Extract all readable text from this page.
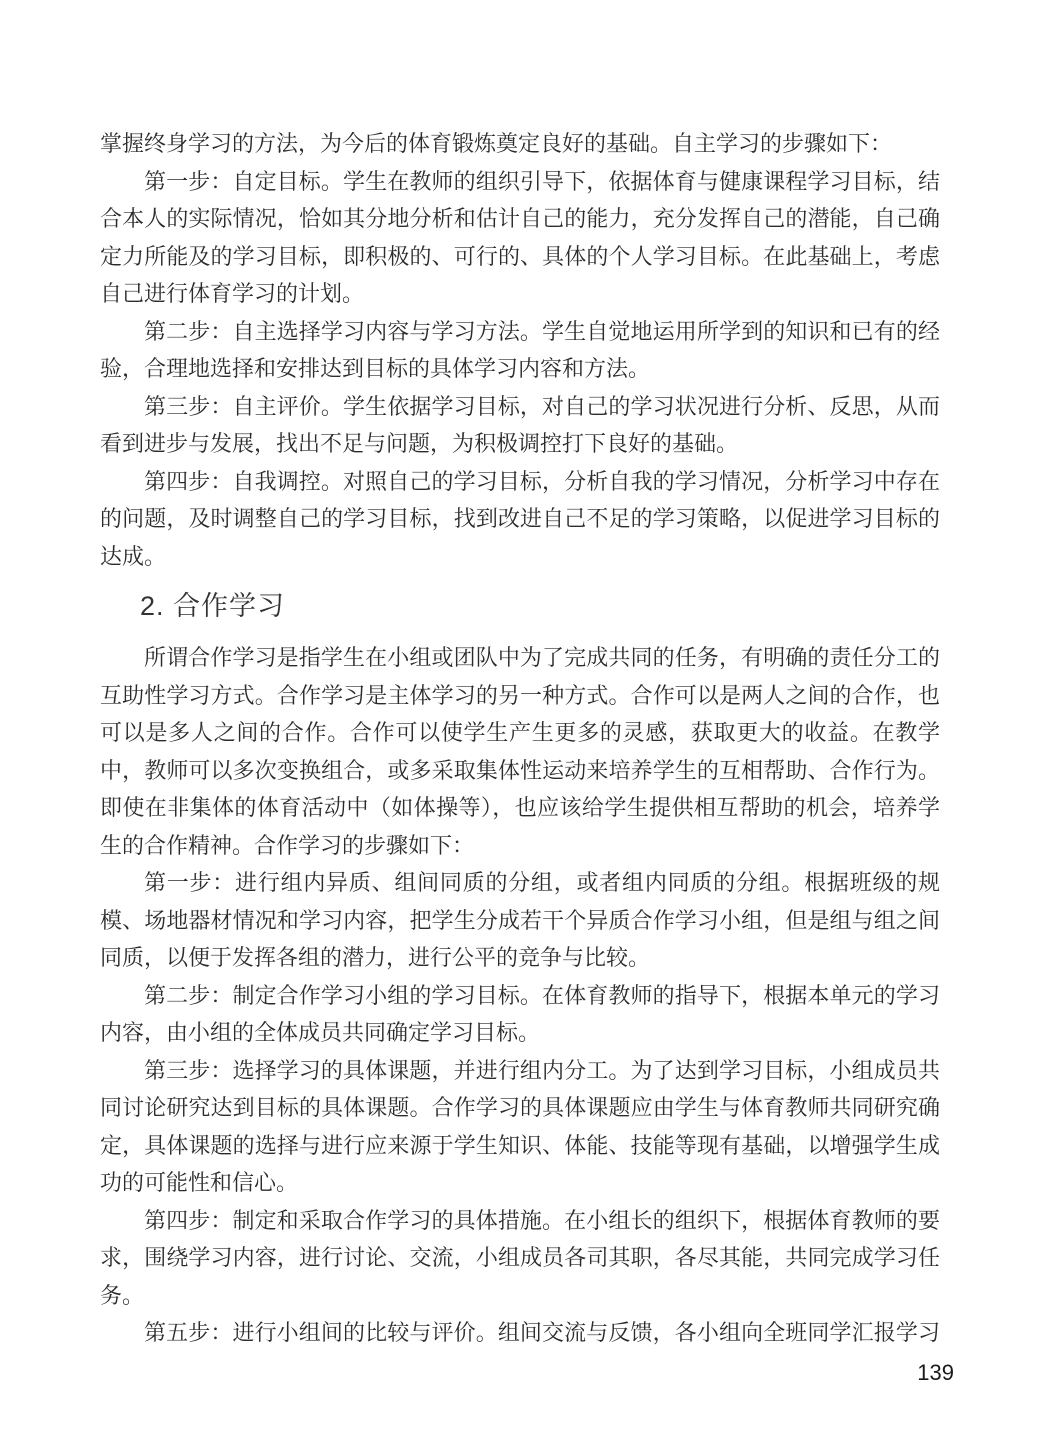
掌握终身学习的方法，为今后的体育锻炼奠定良好的基础。自主学习的步骤如下：

第一步：自定目标。学生在教师的组织引导下，依据体育与健康课程学习目标，结合本人的实际情况，恰如其分地分析和估计自己的能力，充分发挥自己的潜能，自己确定力所能及的学习目标，即积极的、可行的、具体的个人学习目标。在此基础上，考虑自己进行体育学习的计划。

第二步：自主选择学习内容与学习方法。学生自觉地运用所学到的知识和已有的经验，合理地选择和安排达到目标的具体学习内容和方法。

第三步：自主评价。学生依据学习目标，对自己的学习状况进行分析、反思，从而看到进步与发展，找出不足与问题，为积极调控打下良好的基础。

第四步：自我调控。对照自己的学习目标，分析自我的学习情况，分析学习中存在的问题，及时调整自己的学习目标，找到改进自己不足的学习策略，以促进学习目标的达成。

2. 合作学习

所谓合作学习是指学生在小组或团队中为了完成共同的任务，有明确的责任分工的互助性学习方式。合作学习是主体学习的另一种方式。合作可以是两人之间的合作，也可以是多人之间的合作。合作可以使学生产生更多的灵感，获取更大的收益。在教学中，教师可以多次变换组合，或多采取集体性运动来培养学生的互相帮助、合作行为。即使在非集体的体育活动中（如体操等），也应该给学生提供相互帮助的机会，培养学生的合作精神。合作学习的步骤如下：

第一步：进行组内异质、组间同质的分组，或者组内同质的分组。根据班级的规模、场地器材情况和学习内容，把学生分成若干个异质合作学习小组，但是组与组之间同质，以便于发挥各组的潜力，进行公平的竞争与比较。

第二步：制定合作学习小组的学习目标。在体育教师的指导下，根据本单元的学习内容，由小组的全体成员共同确定学习目标。

第三步：选择学习的具体课题，并进行组内分工。为了达到学习目标，小组成员共同讨论研究达到目标的具体课题。合作学习的具体课题应由学生与体育教师共同研究确定，具体课题的选择与进行应来源于学生知识、体能、技能等现有基础，以增强学生成功的可能性和信心。

第四步：制定和采取合作学习的具体措施。在小组长的组织下，根据体育教师的要求，围绕学习内容，进行讨论、交流，小组成员各司其职，各尽其能，共同完成学习任务。

第五步：进行小组间的比较与评价。组间交流与反馈，各小组向全班同学汇报学习

139
